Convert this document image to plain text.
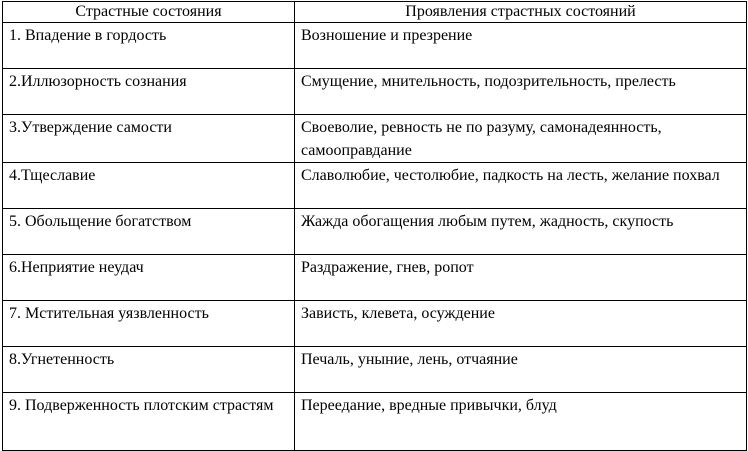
Страстные состояния	Проявления страстных состояний
1. Впадение в гордость	Возношение и презрение
2.Иллюзорность сознания	Смущение, мнительность, подозрительность, прелесть
3.Утверждение самости	Своеволие, ревность не по разуму, самонадеянность, самооправдание
4.Тщеславие	Славолюбие, честолюбие, падкость на лесть, желание похвал
5. Обольщение богатством	Жажда обогащения любым путем, жадность, скупость
6.Неприятие неудач	Раздражение, гнев, ропот
7. Мстительная уязвленность	Зависть, клевета, осуждение
8.Угнетенность	Печаль, уныние, лень, отчаяние
9. Подверженность плотским страстям	Переедание, вредные привычки, блуд
